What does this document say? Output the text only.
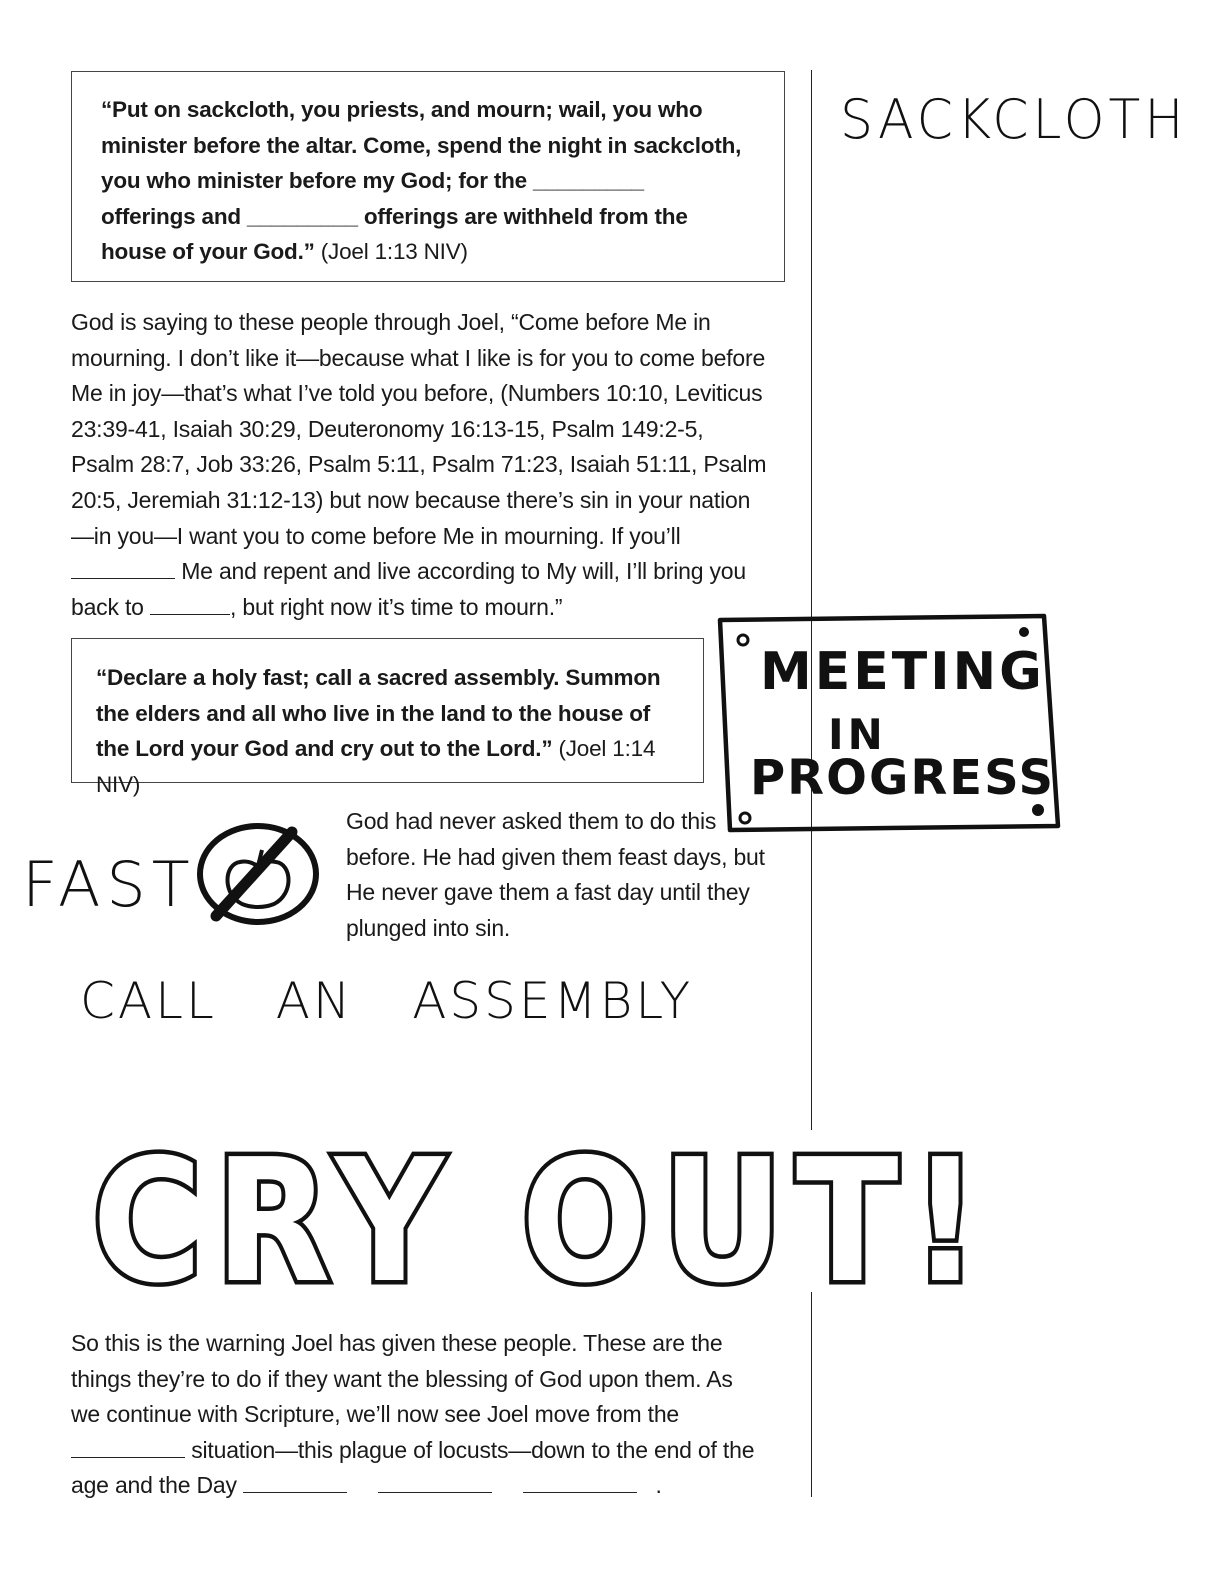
“Put on sackcloth, you priests, and mourn; wail, you who minister before the altar. Come, spend the night in sackcloth, you who minister before my God; for the _________ offerings and _________ offerings are withheld from the house of your God.” (Joel 1:13 NIV)

God is saying to these people through Joel, “Come before Me in mourning. I don’t like it—because what I like is for you to come before Me in joy—that’s what I’ve told you before, (Numbers 10:10, Leviticus 23:39-41, Isaiah 30:29, Deuteronomy 16:13-15, Psalm 149:2-5, Psalm 28:7, Job 33:26, Psalm 5:11, Psalm 71:23, Isaiah 51:11, Psalm 20:5, Jeremiah 31:12-13) but now because there’s sin in your nation—in you—I want you to come before Me in mourning. If you’ll  Me and repent and live according to My will, I’ll bring you back to	, but right now it’s time to mourn.”

“Declare a holy fast; call a sacred assembly. Summon the elders and all who live in the land to the house of the Lord your God and cry out to the Lord.” (Joel 1:14 NIV)

God had never asked them to do this before. He had given them feast days, but He never gave them a fast day until they plunged into sin.

So this is the warning Joel has given these people. These are the things they’re to do if they want the blessing of God upon them. As we continue with Scripture, we’ll now see Joel move from the  situation—this plague of locusts—down to the end of the age and the Day	.

SACKCLOTH
MEETING
IN
PROGRESS
FAST
CALL AN ASSEMBLY
CRY OUT!
